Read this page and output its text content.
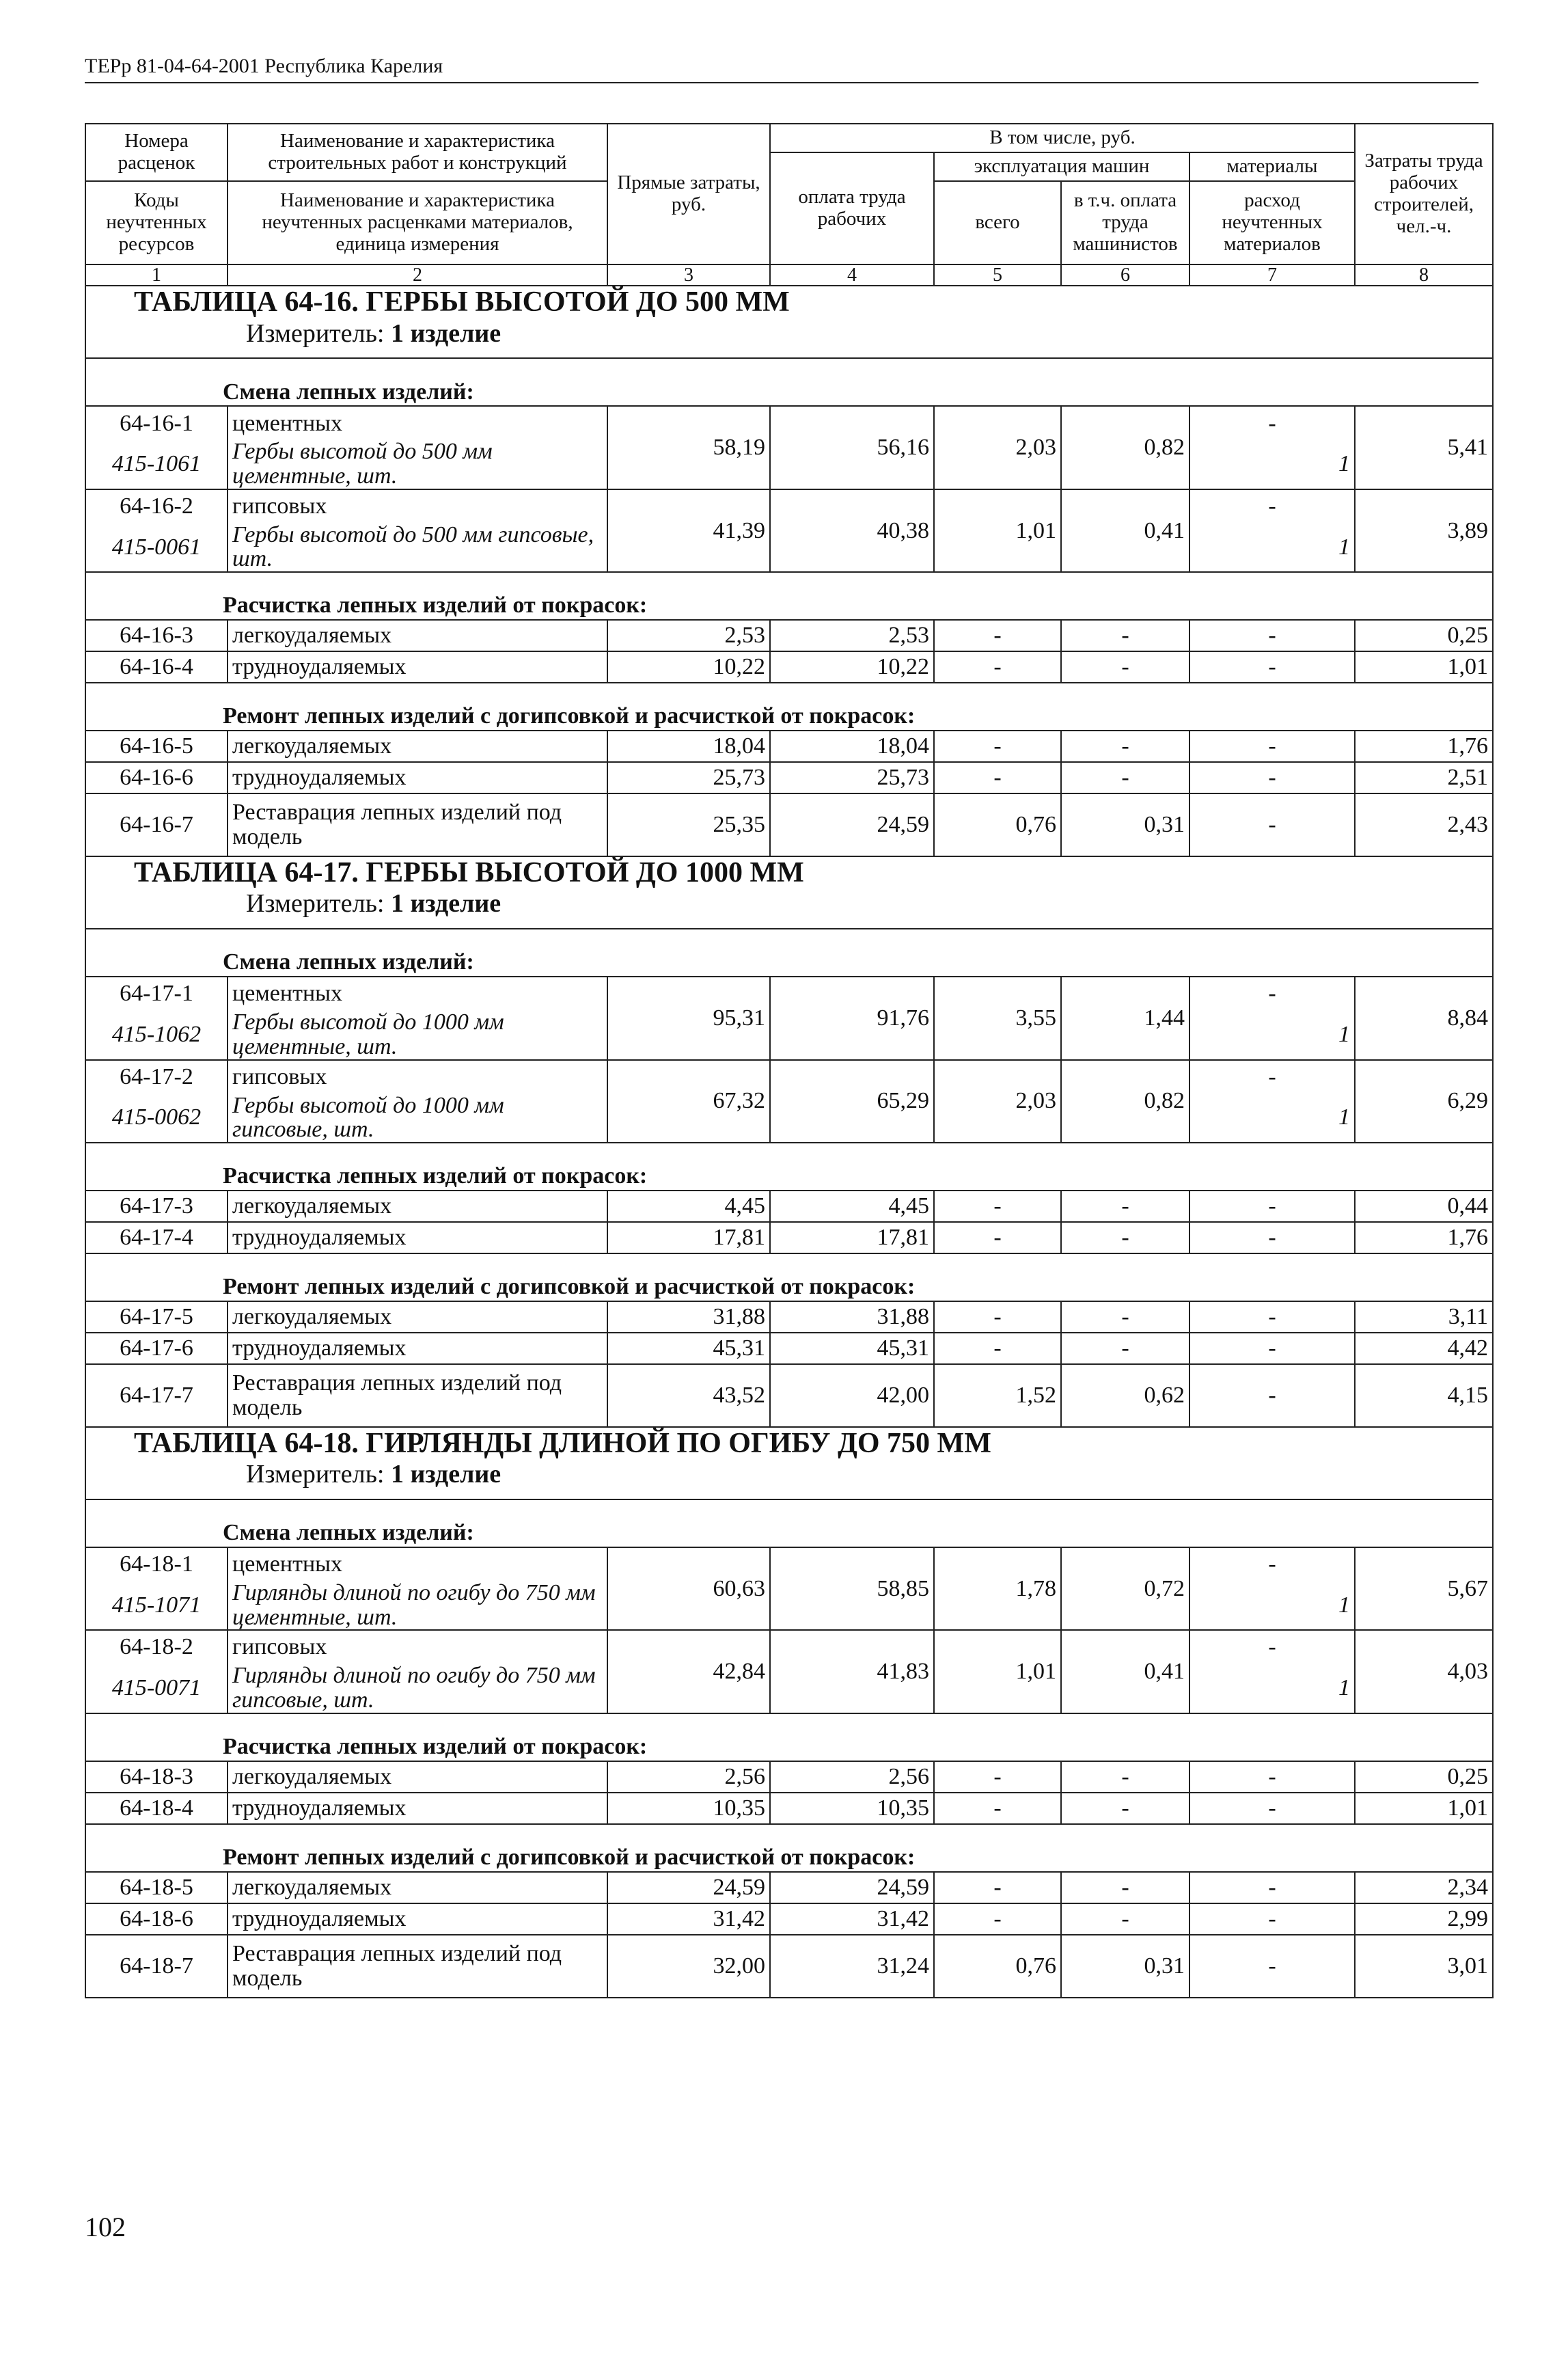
ТЕРр 81-04-64-2001 Республика Карелия
Номера расценок	Наименование и характеристика строительных работ и конструкций	Прямые затраты, руб.	В том числе, руб.				Затраты труда рабочих строителей, чел.-ч.
			оплата труда рабочих	эксплуатация машин		материалы	
Коды неучтенных ресурсов	Наименование и характеристика неучтенных расценками материалов, единица измерения			всего	в т.ч. оплата труда машинистов	расход неучтенных материалов	
1	2	3	4	5	6	7	8

ТАБЛИЦА 64-16. ГЕРБЫ ВЫСОТОЙ ДО 500 ММ
Измеритель: 1 изделие							

Смена лепных изделий:							

64-16-1	цементных	58,19	56,16	2,03	0,82	-	5,41
415-1061	Гербы высотой до 500 мм цементные, шт.					1	
64-16-2	гипсовых	41,39	40,38	1,01	0,41	-	3,89
415-0061	Гербы высотой до 500 мм гипсовые, шт.					1	

Расчистка лепных изделий от покрасок:							

64-16-3	легкоудаляемых	2,53	2,53	-	-	-	0,25
64-16-4	трудноудаляемых	10,22	10,22	-	-	-	1,01

Ремонт лепных изделий с догипсовкой и расчисткой от покрасок:							

64-16-5	легкоудаляемых	18,04	18,04	-	-	-	1,76
64-16-6	трудноудаляемых	25,73	25,73	-	-	-	2,51
64-16-7	Реставрация лепных изделий под модель	25,35	24,59	0,76	0,31	-	2,43

ТАБЛИЦА 64-17. ГЕРБЫ ВЫСОТОЙ ДО 1000 ММ
Измеритель: 1 изделие							

Смена лепных изделий:							

64-17-1	цементных	95,31	91,76	3,55	1,44	-	8,84
415-1062	Гербы высотой до 1000 мм цементные, шт.					1	
64-17-2	гипсовых	67,32	65,29	2,03	0,82	-	6,29
415-0062	Гербы высотой до 1000 мм гипсовые, шт.					1	

Расчистка лепных изделий от покрасок:							

64-17-3	легкоудаляемых	4,45	4,45	-	-	-	0,44
64-17-4	трудноудаляемых	17,81	17,81	-	-	-	1,76

Ремонт лепных изделий с догипсовкой и расчисткой от покрасок:							

64-17-5	легкоудаляемых	31,88	31,88	-	-	-	3,11
64-17-6	трудноудаляемых	45,31	45,31	-	-	-	4,42
64-17-7	Реставрация лепных изделий под модель	43,52	42,00	1,52	0,62	-	4,15

ТАБЛИЦА 64-18. ГИРЛЯНДЫ ДЛИНОЙ ПО ОГИБУ ДО 750 ММ
Измеритель: 1 изделие							

Смена лепных изделий:							

64-18-1	цементных	60,63	58,85	1,78	0,72	-	5,67
415-1071	Гирлянды длиной по огибу до 750 мм цементные, шт.					1	
64-18-2	гипсовых	42,84	41,83	1,01	0,41	-	4,03
415-0071	Гирлянды длиной по огибу до 750 мм гипсовые, шт.					1	

Расчистка лепных изделий от покрасок:							

64-18-3	легкоудаляемых	2,56	2,56	-	-	-	0,25
64-18-4	трудноудаляемых	10,35	10,35	-	-	-	1,01

Ремонт лепных изделий с догипсовкой и расчисткой от покрасок:							

64-18-5	легкоудаляемых	24,59	24,59	-	-	-	2,34
64-18-6	трудноудаляемых	31,42	31,42	-	-	-	2,99
64-18-7	Реставрация лепных изделий под модель	32,00	31,24	0,76	0,31	-	3,01
102
